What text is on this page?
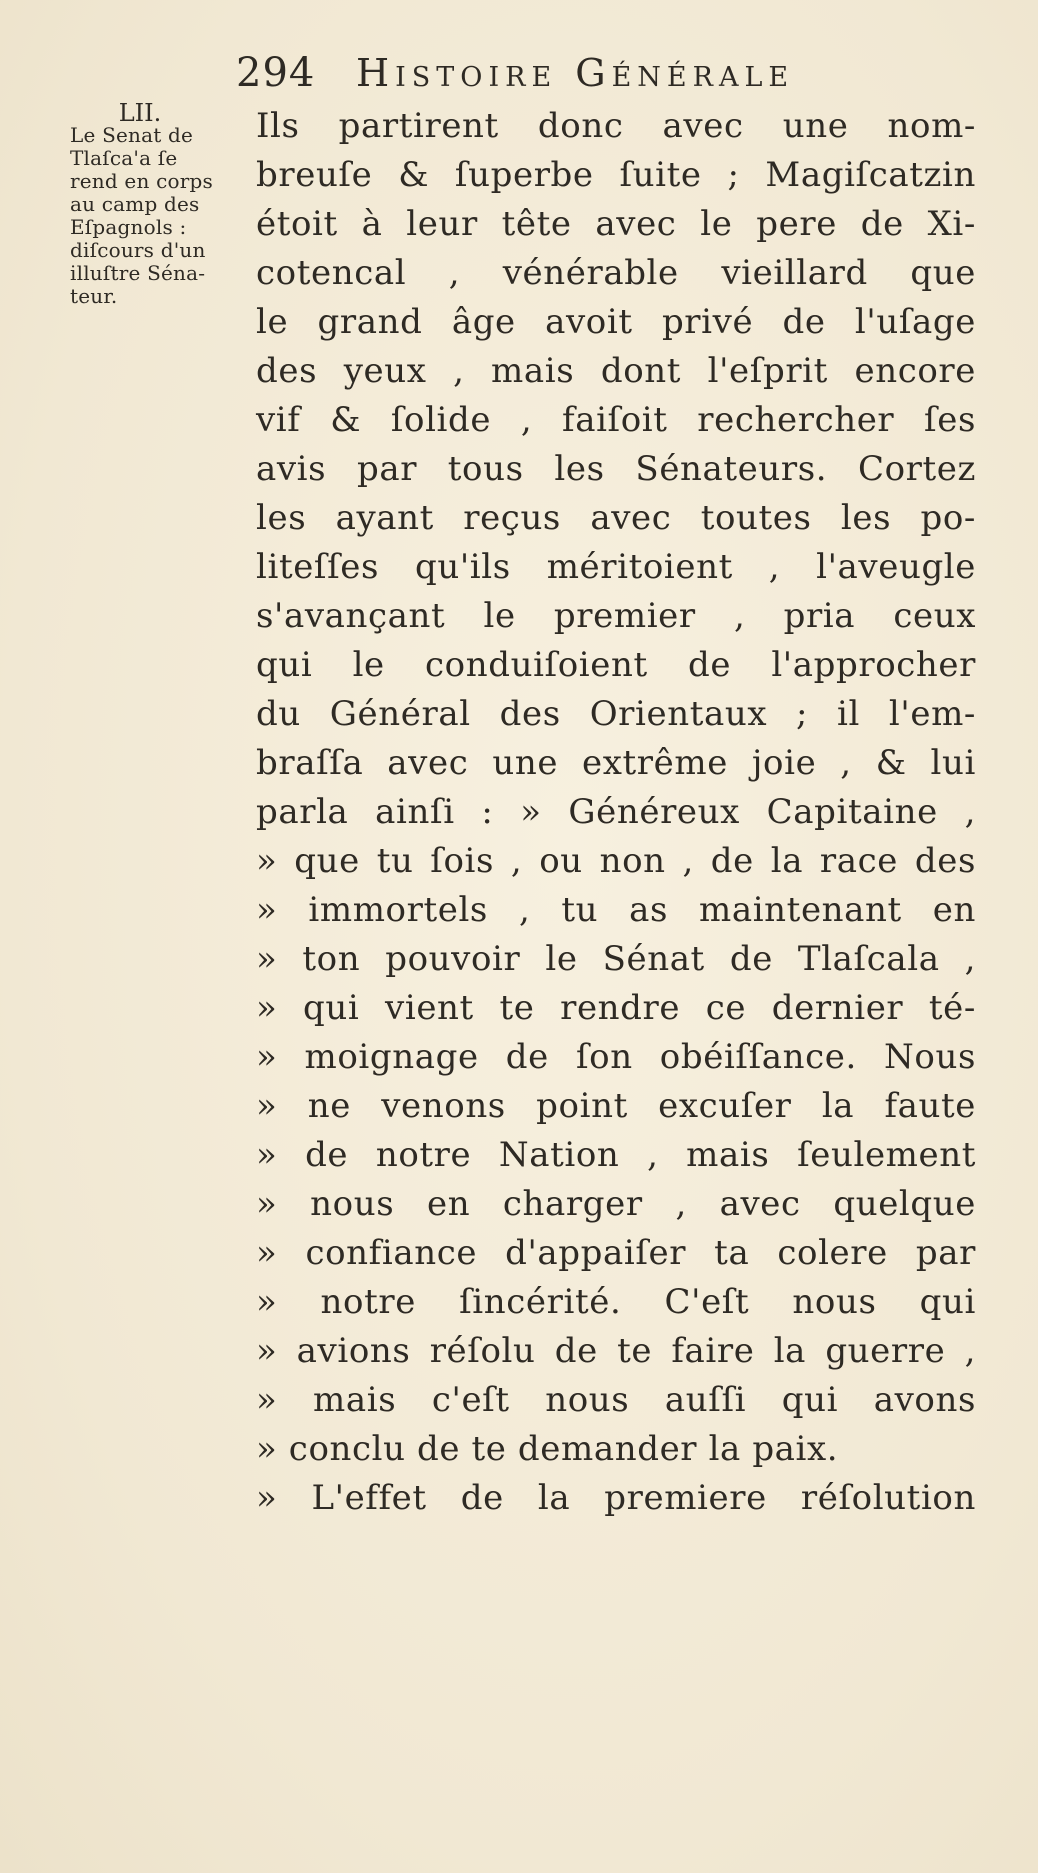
294 Histoire Générale
LII.
Le Senat de
Tlaſca'a ſe
rend en corps
au camp des
Eſpagnols :
diſcours d'un
illuſtre Séna-
teur.
Ils partirent donc avec une nom-
breuſe & ſuperbe ſuite ; Magiſcatzin
étoit à leur tête avec le pere de Xi-
cotencal , vénérable vieillard que
le grand âge avoit privé de l'uſage
des yeux , mais dont l'eſprit encore
vif & ſolide , faiſoit rechercher ſes
avis par tous les Sénateurs. Cortez
les ayant reçus avec toutes les po-
liteſſes qu'ils méritoient , l'aveugle
s'avançant le premier , pria ceux
qui le conduiſoient de l'approcher
du Général des Orientaux ; il l'em-
braſſa avec une extrême joie , & lui
parla ainſi : » Généreux Capitaine ,
» que tu ſois , ou non , de la race des
» immortels , tu as maintenant en
» ton pouvoir le Sénat de Tlaſcala ,
» qui vient te rendre ce dernier té-
» moignage de ſon obéiſſance. Nous
» ne venons point excuſer la faute
» de notre Nation , mais ſeulement
» nous en charger , avec quelque
» confiance d'appaiſer ta colere par
» notre ſincérité. C'eſt nous qui
» avions réſolu de te faire la guerre ,
» mais c'eſt nous auſſi qui avons
» conclu de te demander la paix.
» L'effet de la premiere réſolution
